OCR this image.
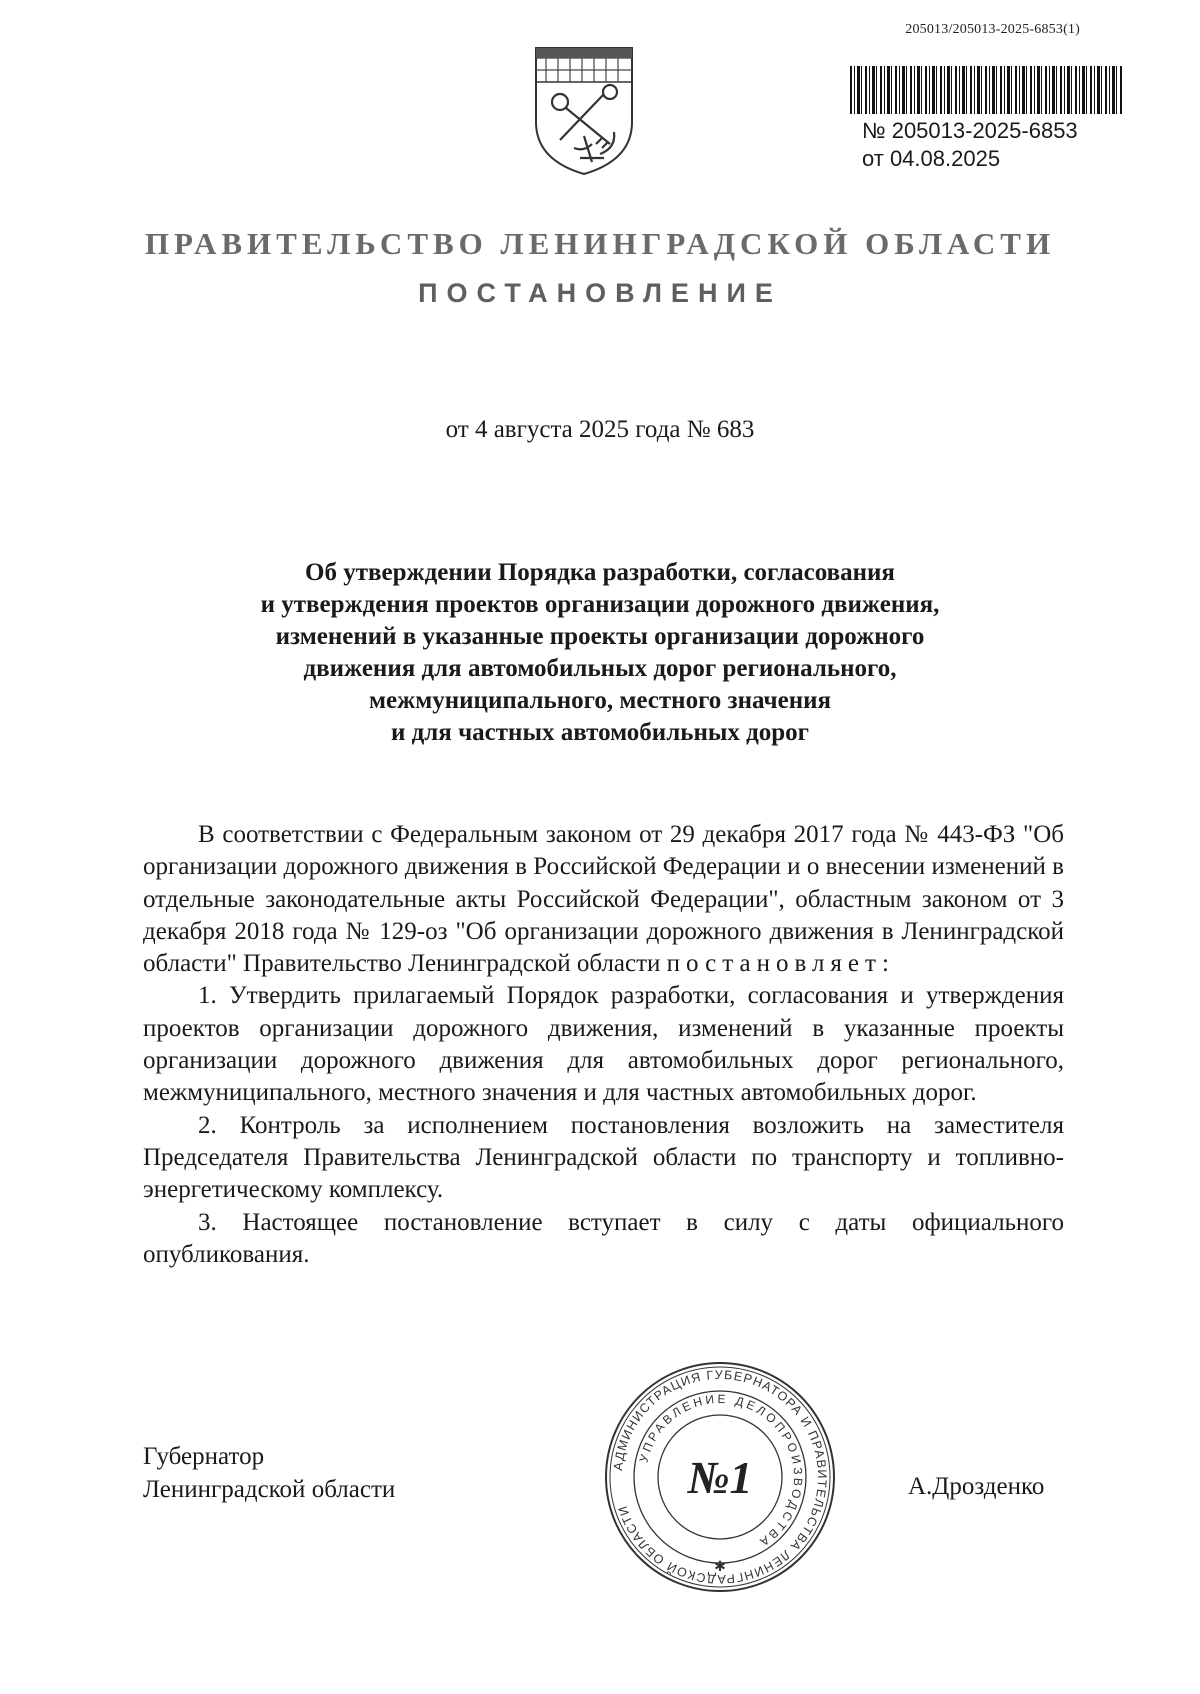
205013/205013-2025-6853(1)
№ 205013-2025-6853
от 04.08.2025
ПРАВИТЕЛЬСТВО ЛЕНИНГРАДСКОЙ ОБЛАСТИ
ПОСТАНОВЛЕНИЕ
от 4 августа 2025 года № 683
Об утверждении Порядка разработки, согласования
и утверждения проектов организации дорожного движения,
изменений в указанные проекты организации дорожного
движения для автомобильных дорог регионального,
межмуниципального, местного значения
и для частных автомобильных дорог

В соответствии с Федеральным законом от 29 декабря 2017 года № 443-ФЗ "Об организации дорожного движения в Российской Федерации и о внесении изменений в отдельные законодательные акты Российской Федерации", областным законом от 3 декабря 2018 года № 129-оз "Об организации дорожного движения в Ленинградской области" Правительство Ленинградской области постановляет:

1. Утвердить прилагаемый Порядок разработки, согласования и утверждения проектов организации дорожного движения, изменений в указанные проекты организации дорожного движения для автомобильных дорог регионального, межмуниципального, местного значения и для частных автомобильных дорог.

2. Контроль за исполнением постановления возложить на заместителя Председателя Правительства Ленинградской области по транспорту и топливно-энергетическому комплексу.

3. Настоящее постановление вступает в силу с даты официального опубликования.

Губернатор
Ленинградской области	А.Дрозденко
АДМИНИСТРАЦИЯ ГУБЕРНАТОРА И ПРАВИТЕЛЬСТВА ЛЕНИНГРАДСКОЙ ОБЛАСТИ
УПРАВЛЕНИЕ ДЕЛОПРОИЗВОДСТВА
№1
✱
